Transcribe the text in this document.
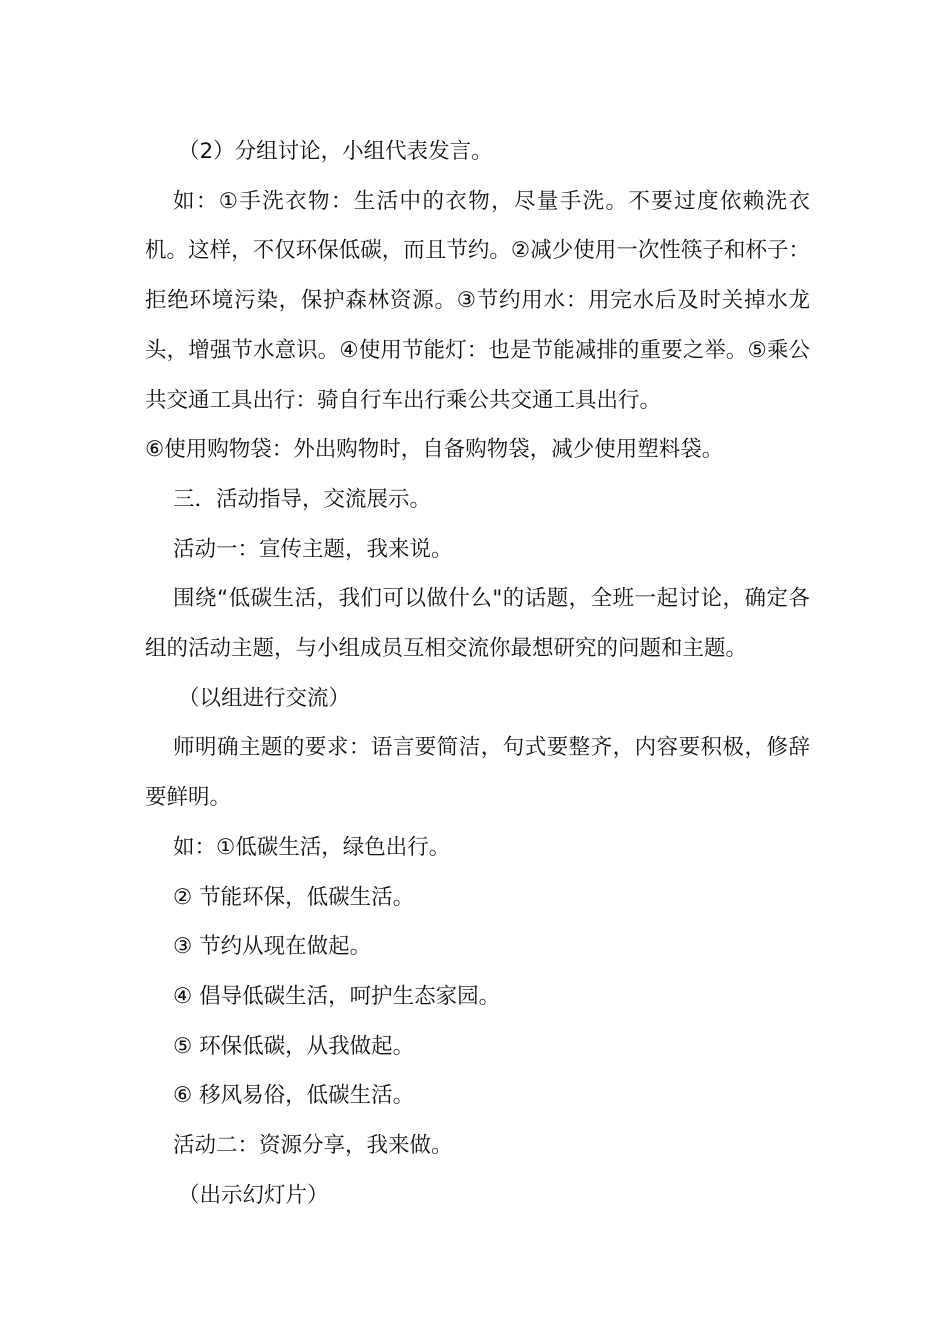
（2）分组讨论，小组代表发言。

如：①手洗衣物：生活中的衣物，尽量手洗。不要过度依赖洗衣机。这样，不仅环保低碳，而且节约。②减少使用一次性筷子和杯子：拒绝环境污染，保护森林资源。③节约用水：用完水后及时关掉水龙头，增强节水意识。④使用节能灯：也是节能减排的重要之举。⑤乘公共交通工具出行：骑自行车出行乘公共交通工具出行。

⑥使用购物袋：外出购物时，自备购物袋，减少使用塑料袋。

三．活动指导，交流展示。

活动一：宣传主题，我来说。

围绕“低碳生活，我们可以做什么"的话题，全班一起讨论，确定各组的活动主题，与小组成员互相交流你最想研究的问题和主题。

（以组进行交流）

师明确主题的要求：语言要简洁，句式要整齐，内容要积极，修辞要鲜明。

如：①低碳生活，绿色出行。

② 节能环保，低碳生活。

③ 节约从现在做起。

④ 倡导低碳生活，呵护生态家园。

⑤ 环保低碳，从我做起。

⑥ 移风易俗，低碳生活。

活动二：资源分享，我来做。

（出示幻灯片）
